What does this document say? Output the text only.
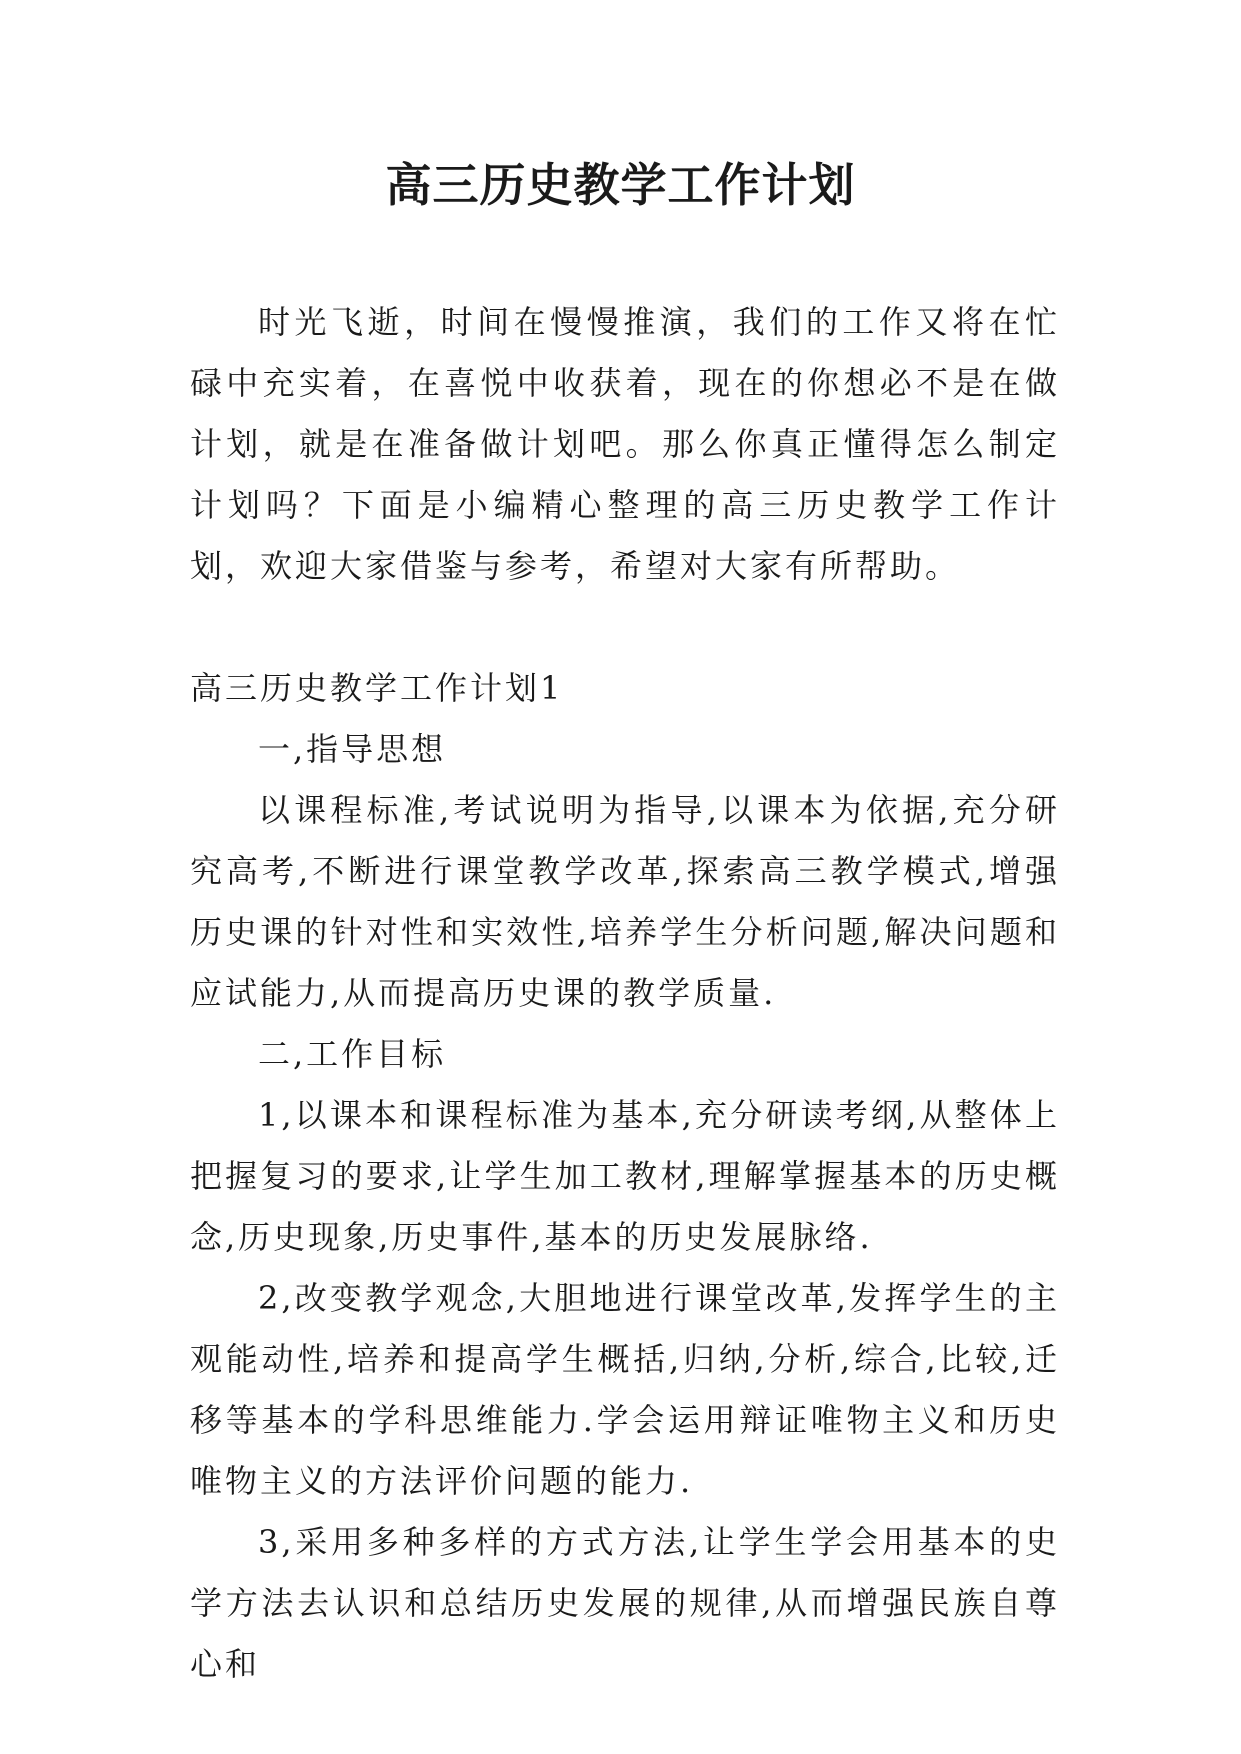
高三历史教学工作计划

时光飞逝，时间在慢慢推演，我们的工作又将在忙碌中充实着，在喜悦中收获着，现在的你想必不是在做计划，就是在准备做计划吧。那么你真正懂得怎么制定计划吗？下面是小编精心整理的高三历史教学工作计划，欢迎大家借鉴与参考，希望对大家有所帮助。

高三历史教学工作计划1

一,指导思想

以课程标准,考试说明为指导,以课本为依据,充分研究高考,不断进行课堂教学改革,探索高三教学模式,增强历史课的针对性和实效性,培养学生分析问题,解决问题和应试能力,从而提高历史课的教学质量.

二,工作目标

1,以课本和课程标准为基本,充分研读考纲,从整体上把握复习的要求,让学生加工教材,理解掌握基本的历史概念,历史现象,历史事件,基本的历史发展脉络.

2,改变教学观念,大胆地进行课堂改革,发挥学生的主观能动性,培养和提高学生概括,归纳,分析,综合,比较,迁移等基本的学科思维能力.学会运用辩证唯物主义和历史唯物主义的方法评价问题的能力.

3,采用多种多样的方式方法,让学生学会用基本的史学方法去认识和总结历史发展的规律,从而增强民族自尊心和
